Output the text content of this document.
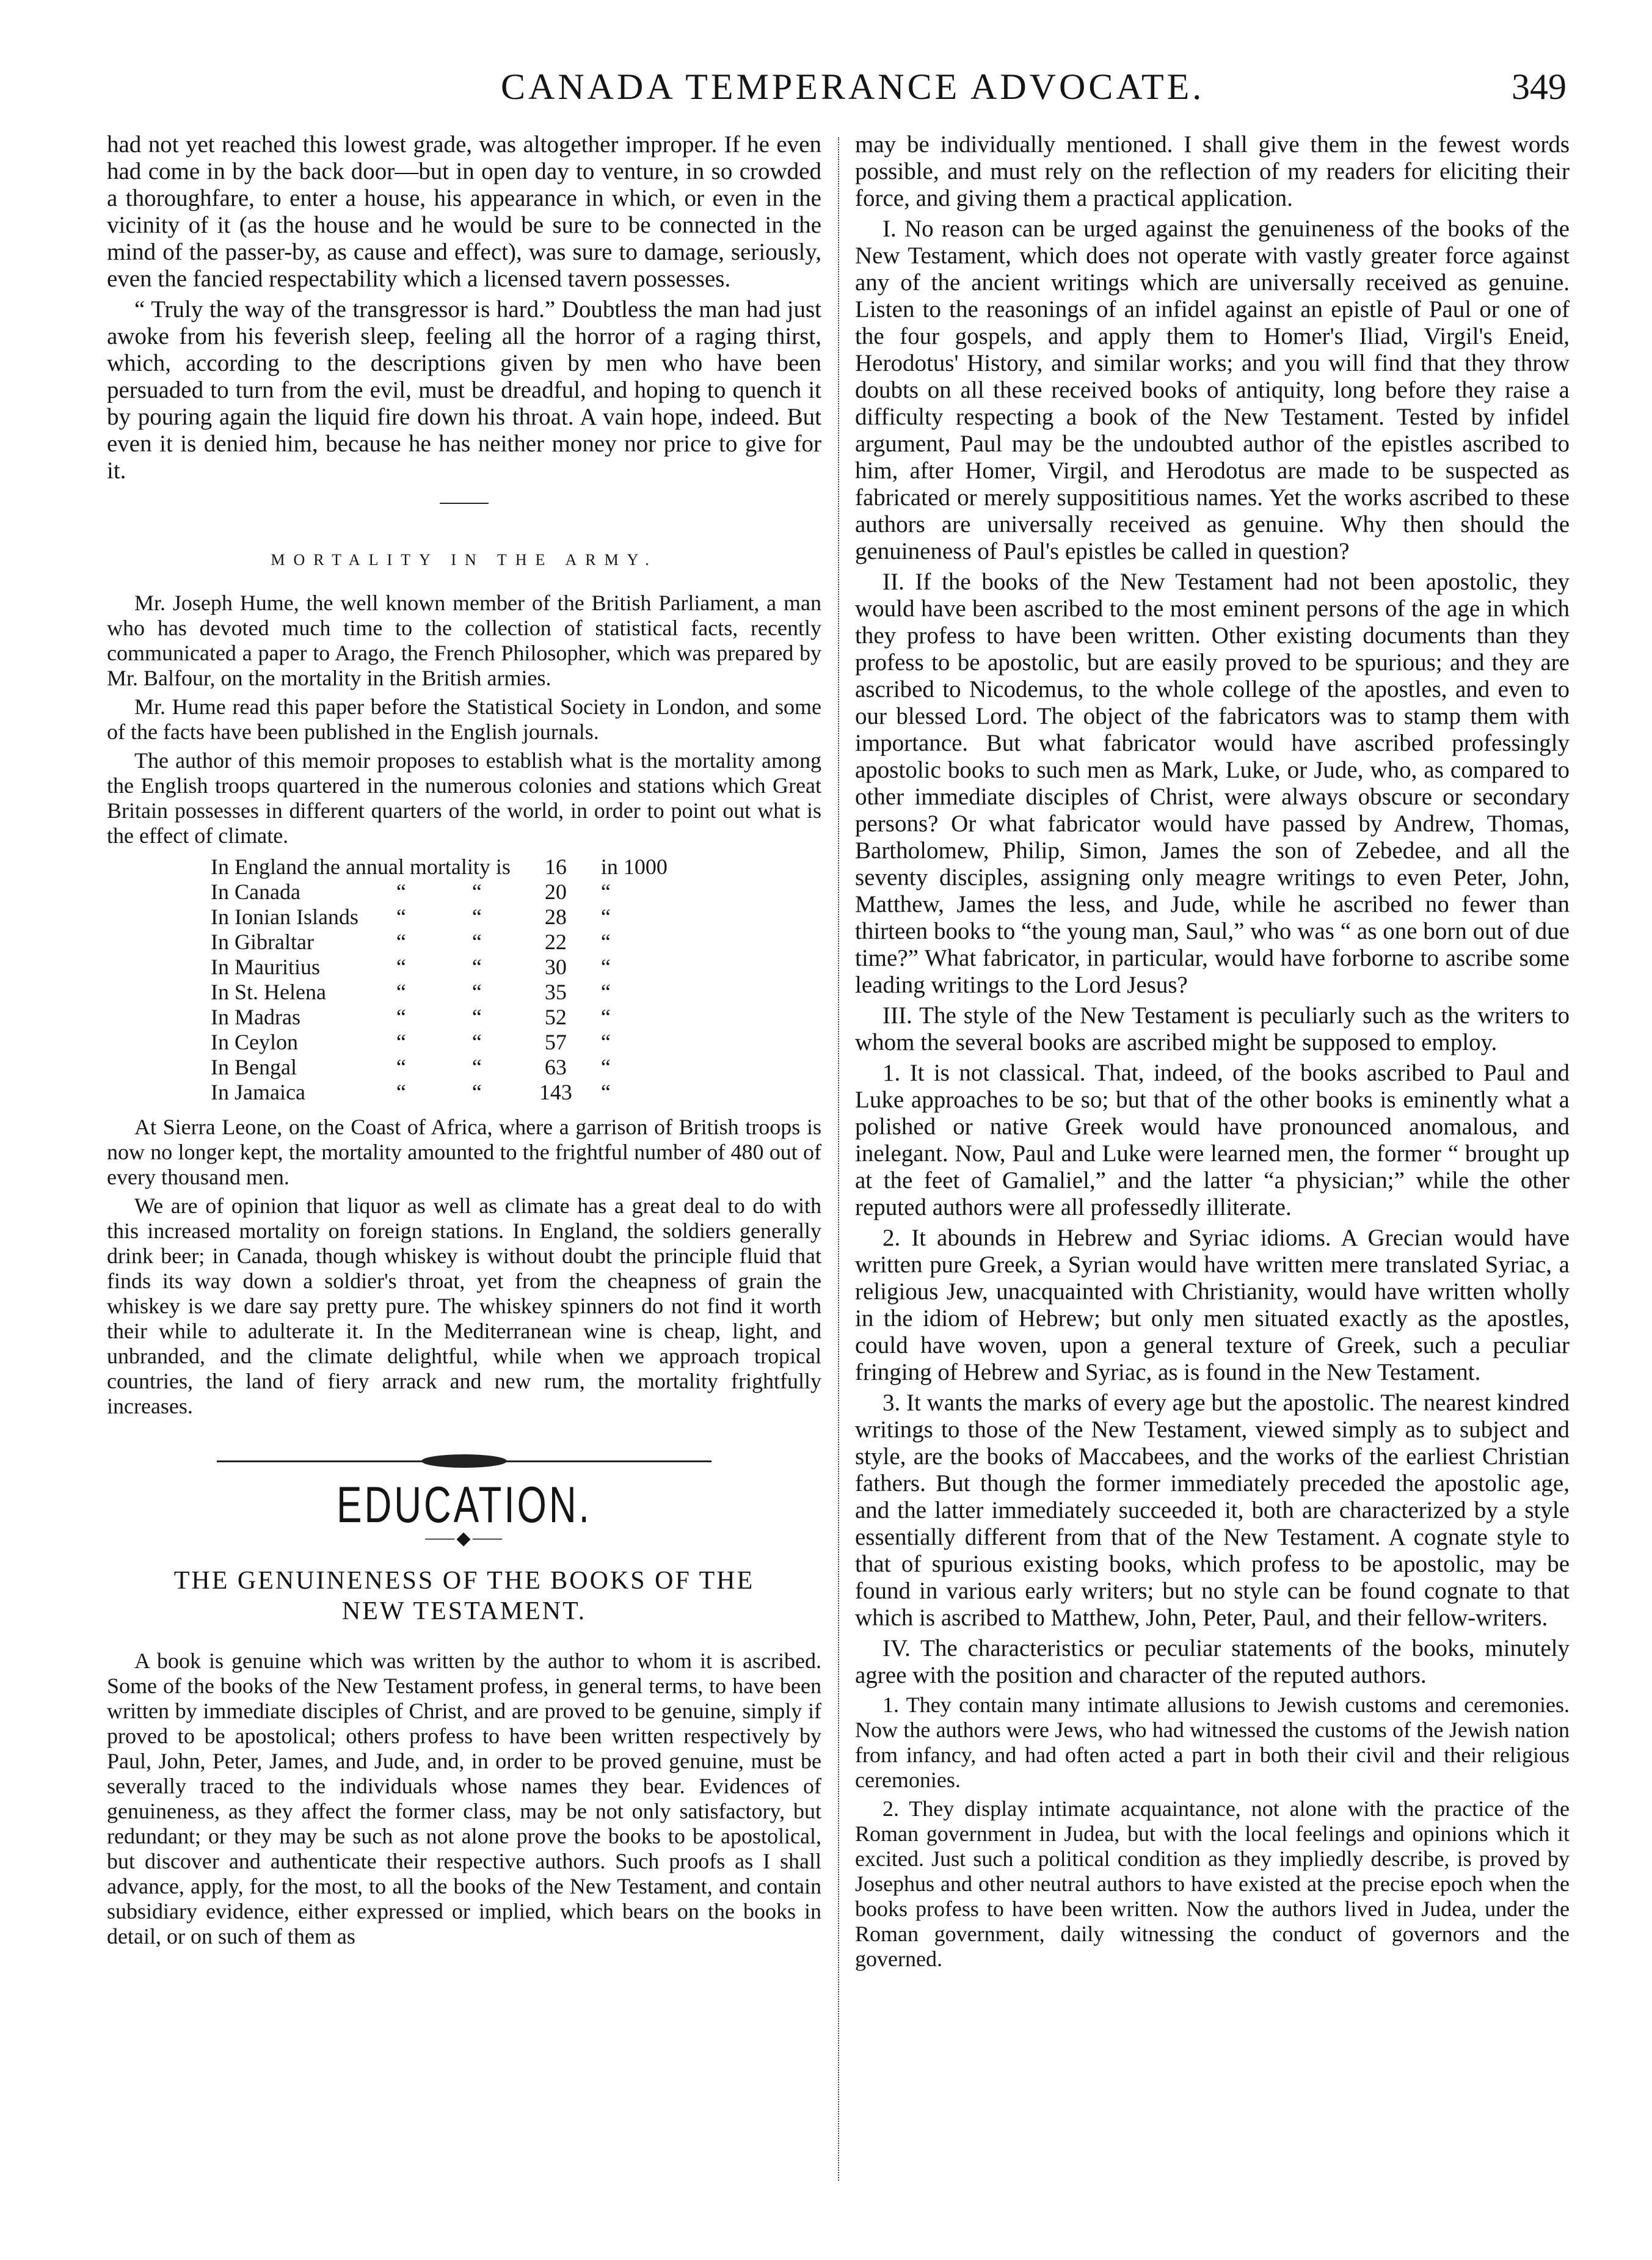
CANADA TEMPERANCE ADVOCATE.	349

had not yet reached this lowest grade, was altogether improper. If he even had come in by the back door—but in open day to venture, in so crowded a thoroughfare, to enter a house, his appearance in which, or even in the vicinity of it (as the house and he would be sure to be connected in the mind of the passer-by, as cause and effect), was sure to damage, seriously, even the fancied respectability which a licensed tavern possesses.

“ Truly the way of the transgressor is hard.” Doubtless the man had just awoke from his feverish sleep, feeling all the horror of a raging thirst, which, according to the descriptions given by men who have been persuaded to turn from the evil, must be dreadful, and hoping to quench it by pouring again the liquid fire down his throat. A vain hope, indeed. But even it is denied him, because he has neither money nor price to give for it.

MORTALITY IN THE ARMY.

Mr. Joseph Hume, the well known member of the British Parliament, a man who has devoted much time to the collection of statistical facts, recently communicated a paper to Arago, the French Philosopher, which was prepared by Mr. Balfour, on the mortality in the British armies.

Mr. Hume read this paper before the Statistical Society in London, and some of the facts have been published in the English journals.

The author of this memoir proposes to establish what is the mortality among the English troops quartered in the numerous colonies and stations which Great Britain possesses in different quarters of the world, in order to point out what is the effect of climate.

In England the annual mortality is			16	in 1000
In Canada	“	“	20	“
In Ionian Islands	“	“	28	“
In Gibraltar	“	“	22	“
In Mauritius	“	“	30	“
In St. Helena	“	“	35	“
In Madras	“	“	52	“
In Ceylon	“	“	57	“
In Bengal	“	“	63	“
In Jamaica	“	“	143	“

At Sierra Leone, on the Coast of Africa, where a garrison of British troops is now no longer kept, the mortality amounted to the frightful number of 480 out of every thousand men.

We are of opinion that liquor as well as climate has a great deal to do with this increased mortality on foreign stations. In England, the soldiers generally drink beer; in Canada, though whiskey is without doubt the principle fluid that finds its way down a soldier's throat, yet from the cheapness of grain the whiskey is we dare say pretty pure. The whiskey spinners do not find it worth their while to adulterate it. In the Mediterranean wine is cheap, light, and unbranded, and the climate delightful, while when we approach tropical countries, the land of fiery arrack and new rum, the mortality frightfully increases.

EDUCATION.

⸺◆⸺

THE GENUINENESS OF THE BOOKS OF THE NEW TESTAMENT.

A book is genuine which was written by the author to whom it is ascribed. Some of the books of the New Testament profess, in general terms, to have been written by immediate disciples of Christ, and are proved to be genuine, simply if proved to be apostolical; others profess to have been written respectively by Paul, John, Peter, James, and Jude, and, in order to be proved genuine, must be severally traced to the individuals whose names they bear. Evidences of genuineness, as they affect the former class, may be not only satisfactory, but redundant; or they may be such as not alone prove the books to be apostolical, but discover and authenticate their respective authors. Such proofs as I shall advance, apply, for the most, to all the books of the New Testament, and contain subsidiary evidence, either expressed or implied, which bears on the books in detail, or on such of them as

may be individually mentioned. I shall give them in the fewest words possible, and must rely on the reflection of my readers for eliciting their force, and giving them a practical application.

I. No reason can be urged against the genuineness of the books of the New Testament, which does not operate with vastly greater force against any of the ancient writings which are universally received as genuine. Listen to the reasonings of an infidel against an epistle of Paul or one of the four gospels, and apply them to Homer's Iliad, Virgil's Eneid, Herodotus' History, and similar works; and you will find that they throw doubts on all these received books of antiquity, long before they raise a difficulty respecting a book of the New Testament. Tested by infidel argument, Paul may be the undoubted author of the epistles ascribed to him, after Homer, Virgil, and Herodotus are made to be suspected as fabricated or merely supposititious names. Yet the works ascribed to these authors are universally received as genuine. Why then should the genuineness of Paul's epistles be called in question?

II. If the books of the New Testament had not been apostolic, they would have been ascribed to the most eminent persons of the age in which they profess to have been written. Other existing documents than they profess to be apostolic, but are easily proved to be spurious; and they are ascribed to Nicodemus, to the whole college of the apostles, and even to our blessed Lord. The object of the fabricators was to stamp them with importance. But what fabricator would have ascribed professingly apostolic books to such men as Mark, Luke, or Jude, who, as compared to other immediate disciples of Christ, were always obscure or secondary persons? Or what fabricator would have passed by Andrew, Thomas, Bartholomew, Philip, Simon, James the son of Zebedee, and all the seventy disciples, assigning only meagre writings to even Peter, John, Matthew, James the less, and Jude, while he ascribed no fewer than thirteen books to “the young man, Saul,” who was “ as one born out of due time?” What fabricator, in particular, would have forborne to ascribe some leading writings to the Lord Jesus?

III. The style of the New Testament is peculiarly such as the writers to whom the several books are ascribed might be supposed to employ.

1. It is not classical. That, indeed, of the books ascribed to Paul and Luke approaches to be so; but that of the other books is eminently what a polished or native Greek would have pronounced anomalous, and inelegant. Now, Paul and Luke were learned men, the former “ brought up at the feet of Gamaliel,” and the latter “a physician;” while the other reputed authors were all professedly illiterate.

2. It abounds in Hebrew and Syriac idioms. A Grecian would have written pure Greek, a Syrian would have written mere translated Syriac, a religious Jew, unacquainted with Christianity, would have written wholly in the idiom of Hebrew; but only men situated exactly as the apostles, could have woven, upon a general texture of Greek, such a peculiar fringing of Hebrew and Syriac, as is found in the New Testament.

3. It wants the marks of every age but the apostolic. The nearest kindred writings to those of the New Testament, viewed simply as to subject and style, are the books of Maccabees, and the works of the earliest Christian fathers. But though the former immediately preceded the apostolic age, and the latter immediately succeeded it, both are characterized by a style essentially different from that of the New Testament. A cognate style to that of spurious existing books, which profess to be apostolic, may be found in various early writers; but no style can be found cognate to that which is ascribed to Matthew, John, Peter, Paul, and their fellow-writers.

IV. The characteristics or peculiar statements of the books, minutely agree with the position and character of the reputed authors.

1. They contain many intimate allusions to Jewish customs and ceremonies. Now the authors were Jews, who had witnessed the customs of the Jewish nation from infancy, and had often acted a part in both their civil and their religious ceremonies.

2. They display intimate acquaintance, not alone with the practice of the Roman government in Judea, but with the local feelings and opinions which it excited. Just such a political condition as they impliedly describe, is proved by Josephus and other neutral authors to have existed at the precise epoch when the books profess to have been written. Now the authors lived in Judea, under the Roman government, daily witnessing the conduct of governors and the governed.
